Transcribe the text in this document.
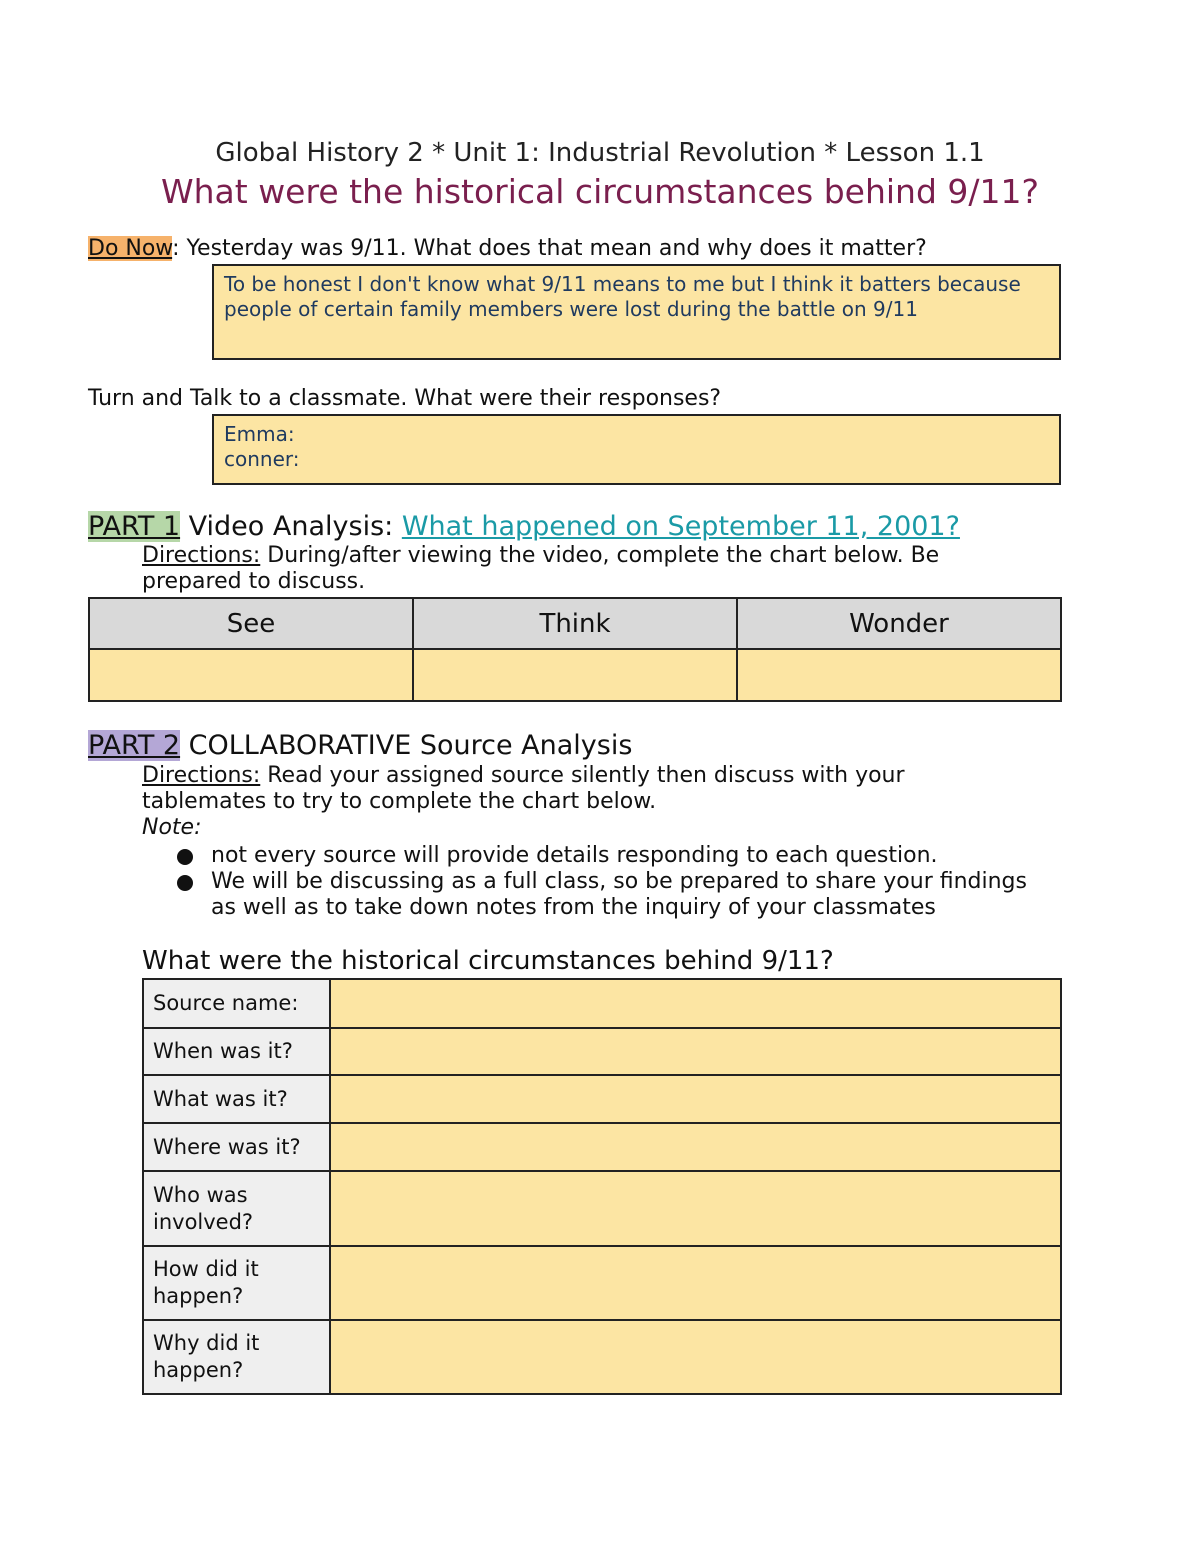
Global History 2 * Unit 1: Industrial Revolution * Lesson 1.1
What were the historical circumstances behind 9/11?
Do Now: Yesterday was 9/11. What does that mean and why does it matter?
To be honest I don't know what 9/11 means to me but I think it batters because people of certain family members were lost during the battle on 9/11
Turn and Talk to a classmate. What were their responses?
Emma:
conner:
PART 1 Video Analysis: What happened on September 11, 2001?
Directions: During/after viewing the video, complete the chart below. Be
prepared to discuss.
See	Think	Wonder

PART 2 COLLABORATIVE Source Analysis
Directions: Read your assigned source silently then discuss with your
tablemates to try to complete the chart below.
Note:
not every source will provide details responding to each question.
We will be discussing as a full class, so be prepared to share your findings as well as to take down notes from the inquiry of your classmates
What were the historical circumstances behind 9/11?
Source name:	
When was it?	
What was it?	
Where was it?	
Who was involved?	
How did it happen?	
Why did it happen?	
